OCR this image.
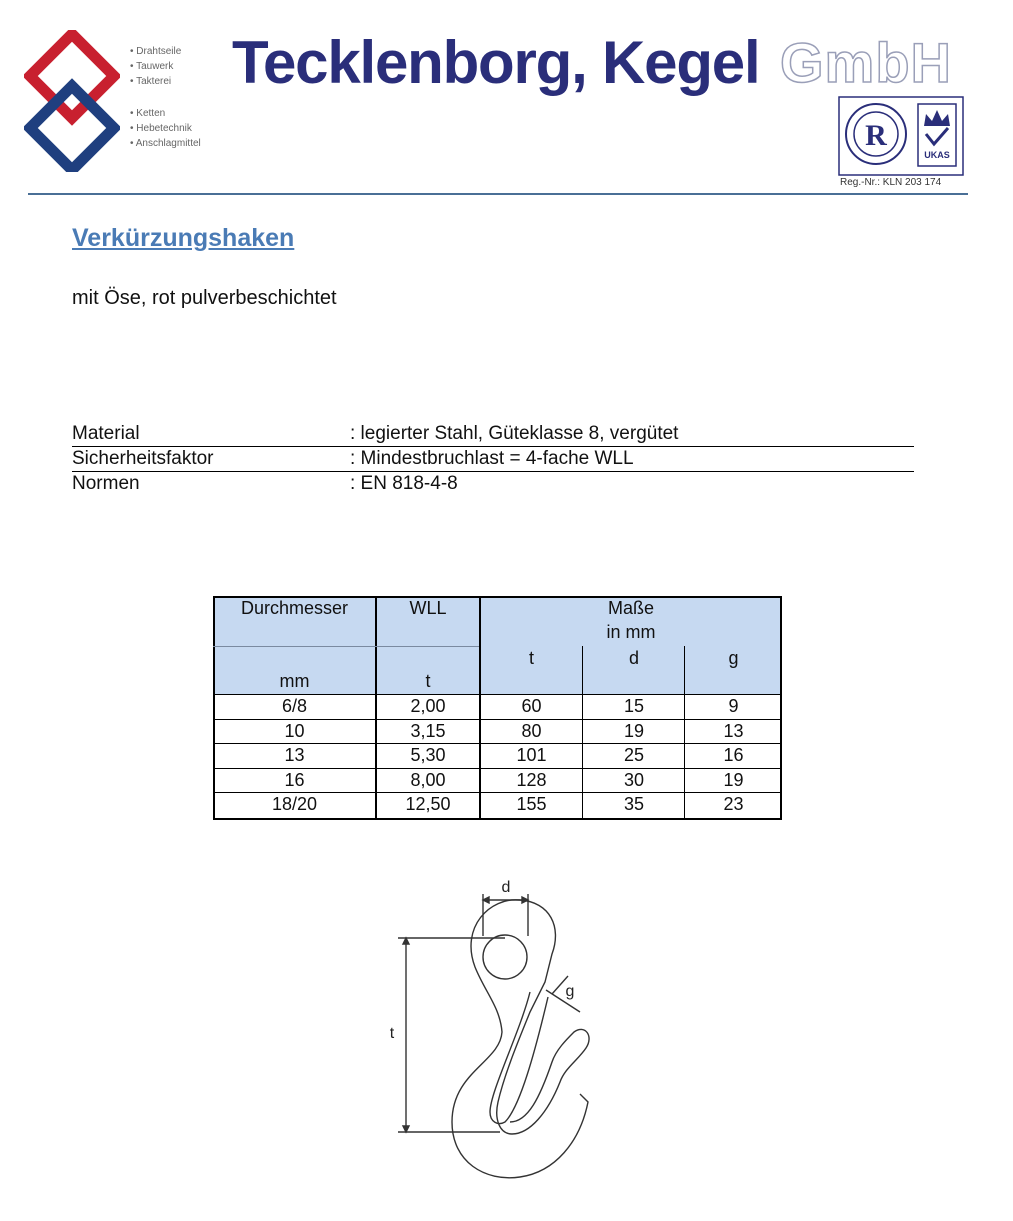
• Drahtseile
• Tauwerk
• Takterei
• Ketten
• Hebetechnik
• Anschlagmittel
Tecklenborg, Kegel GmbH
R
UKAS
Reg.-Nr.: KLN 203 174
Verkürzungshaken
mit Öse, rot pulverbeschichtet
Material	: legierter Stahl, Güteklasse 8, vergütet
Sicherheitsfaktor	: Mindestbruchlast = 4-fache WLL
Normen	: EN 818-4-8
Durchmesser	WLL	Maße
in mm
mm	t
t	d	g
6/8	2,00	60	15	9
10	3,15	80	19	13
13	5,30	101	25	16
16	8,00	128	30	19
18/20	12,50	155	35	23
d
g
t
